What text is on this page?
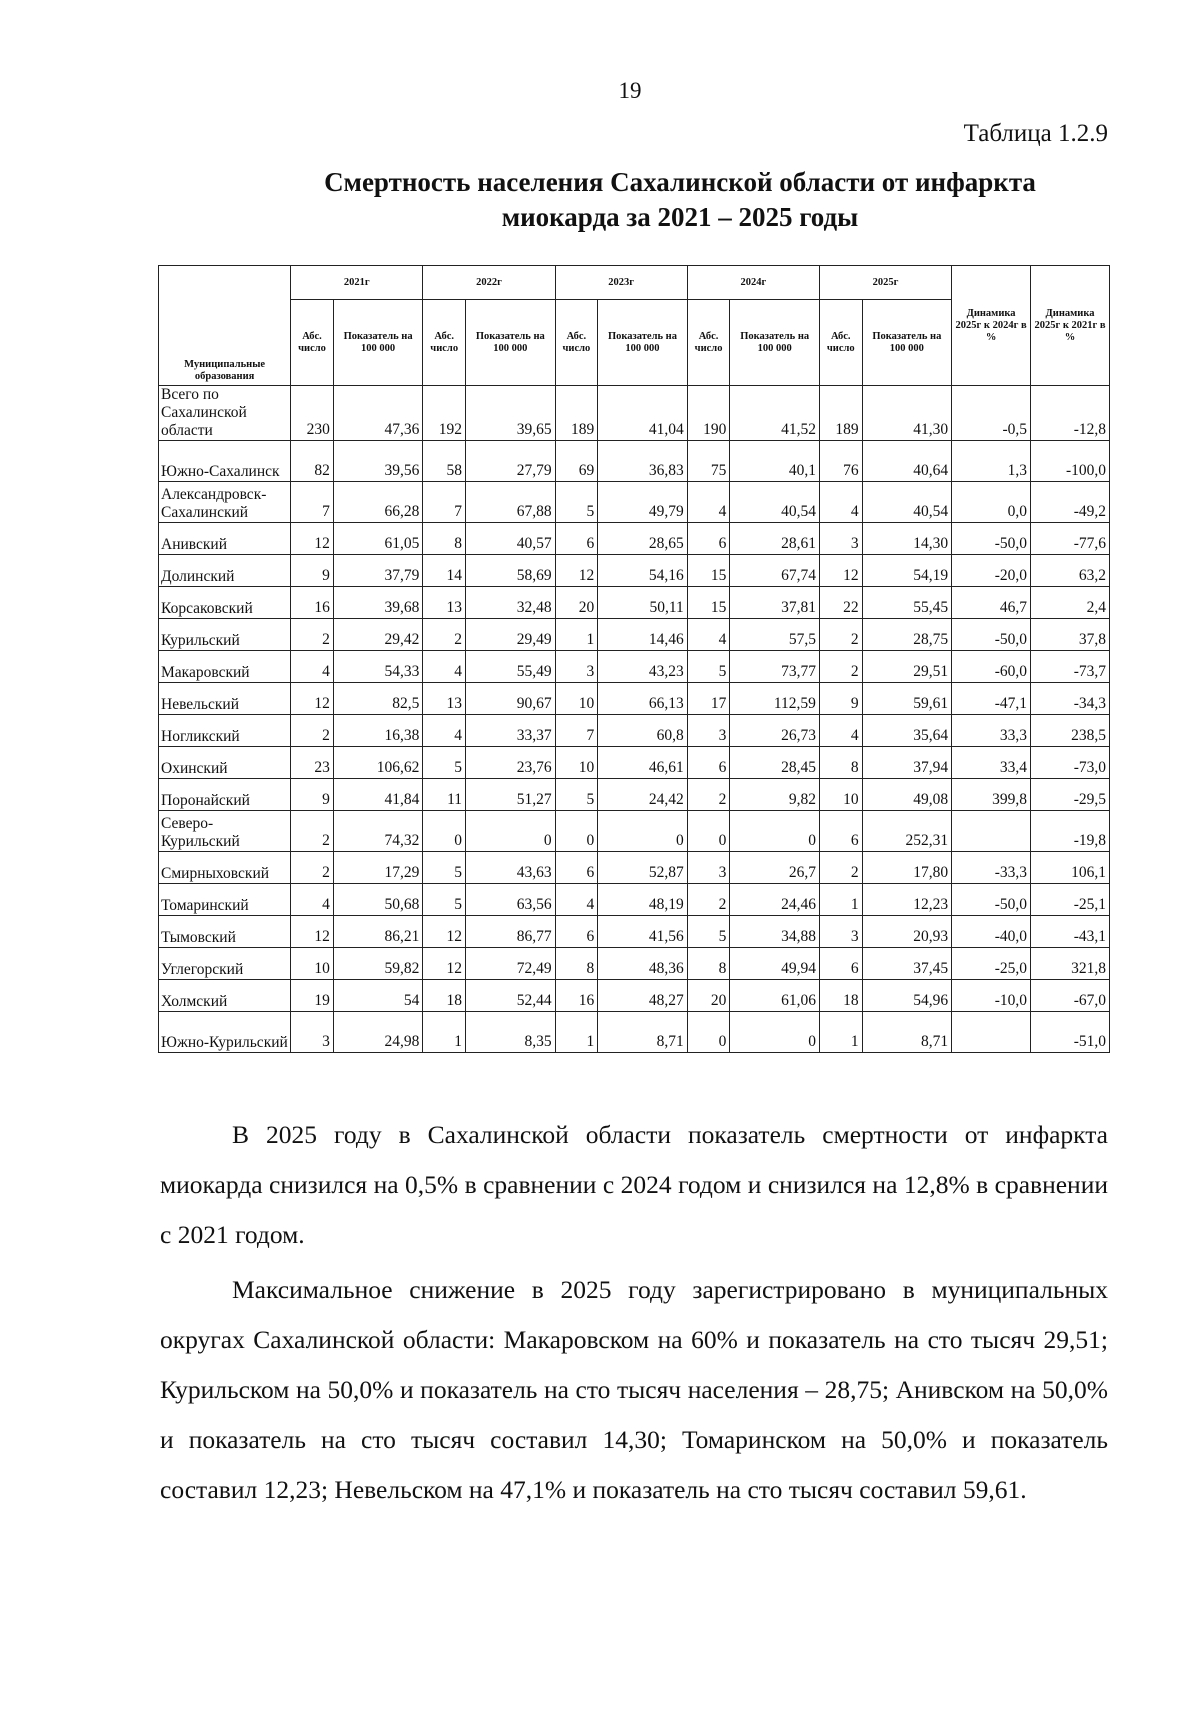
19
Таблица 1.2.9
Смертность населения Сахалинской области от инфаркта
миокарда за 2021 – 2025 годы
Муниципальные образования	2021г		2022г		2023г		2024г		2025г		Динамика 2025г к 2024г в %	Динамика 2025г к 2021г в %
	Абс. число	Показатель на 100 000	Абс. число	Показатель на 100 000	Абс. число	Показатель на 100 000	Абс. число	Показатель на 100 000	Абс. число	Показатель на 100 000		
Всего по Сахалинской области	230	47,36	192	39,65	189	41,04	190	41,52	189	41,30	-0,5	-12,8
Южно-Сахалинск	82	39,56	58	27,79	69	36,83	75	40,1	76	40,64	1,3	-100,0
Александровск-Сахалинский	7	66,28	7	67,88	5	49,79	4	40,54	4	40,54	0,0	-49,2
Анивский	12	61,05	8	40,57	6	28,65	6	28,61	3	14,30	-50,0	-77,6
Долинский	9	37,79	14	58,69	12	54,16	15	67,74	12	54,19	-20,0	63,2
Корсаковский	16	39,68	13	32,48	20	50,11	15	37,81	22	55,45	46,7	2,4
Курильский	2	29,42	2	29,49	1	14,46	4	57,5	2	28,75	-50,0	37,8
Макаровский	4	54,33	4	55,49	3	43,23	5	73,77	2	29,51	-60,0	-73,7
Невельский	12	82,5	13	90,67	10	66,13	17	112,59	9	59,61	-47,1	-34,3
Ногликский	2	16,38	4	33,37	7	60,8	3	26,73	4	35,64	33,3	238,5
Охинский	23	106,62	5	23,76	10	46,61	6	28,45	8	37,94	33,4	-73,0
Поронайский	9	41,84	11	51,27	5	24,42	2	9,82	10	49,08	399,8	-29,5
Северо-Курильский	2	74,32	0	0	0	0	0	0	6	252,31		-19,8
Смирныховский	2	17,29	5	43,63	6	52,87	3	26,7	2	17,80	-33,3	106,1
Томаринский	4	50,68	5	63,56	4	48,19	2	24,46	1	12,23	-50,0	-25,1
Тымовский	12	86,21	12	86,77	6	41,56	5	34,88	3	20,93	-40,0	-43,1
Углегорский	10	59,82	12	72,49	8	48,36	8	49,94	6	37,45	-25,0	321,8
Холмский	19	54	18	52,44	16	48,27	20	61,06	18	54,96	-10,0	-67,0
Южно-Курильский	3	24,98	1	8,35	1	8,71	0	0	1	8,71		-51,0

В 2025 году в Сахалинской области показатель смертности от инфаркта миокарда снизился на 0,5% в сравнении с 2024 годом и снизился на 12,8% в сравнении с 2021 годом.

Максимальное снижение в 2025 году зарегистрировано в муниципальных округах Сахалинской области: Макаровском на 60% и показатель на сто тысяч 29,51; Курильском на 50,0% и показатель на сто тысяч населения – 28,75; Анивском на 50,0% и показатель на сто тысяч составил 14,30; Томаринском на 50,0% и показатель составил 12,23; Невельском на 47,1% и показатель на сто тысяч составил 59,61.
